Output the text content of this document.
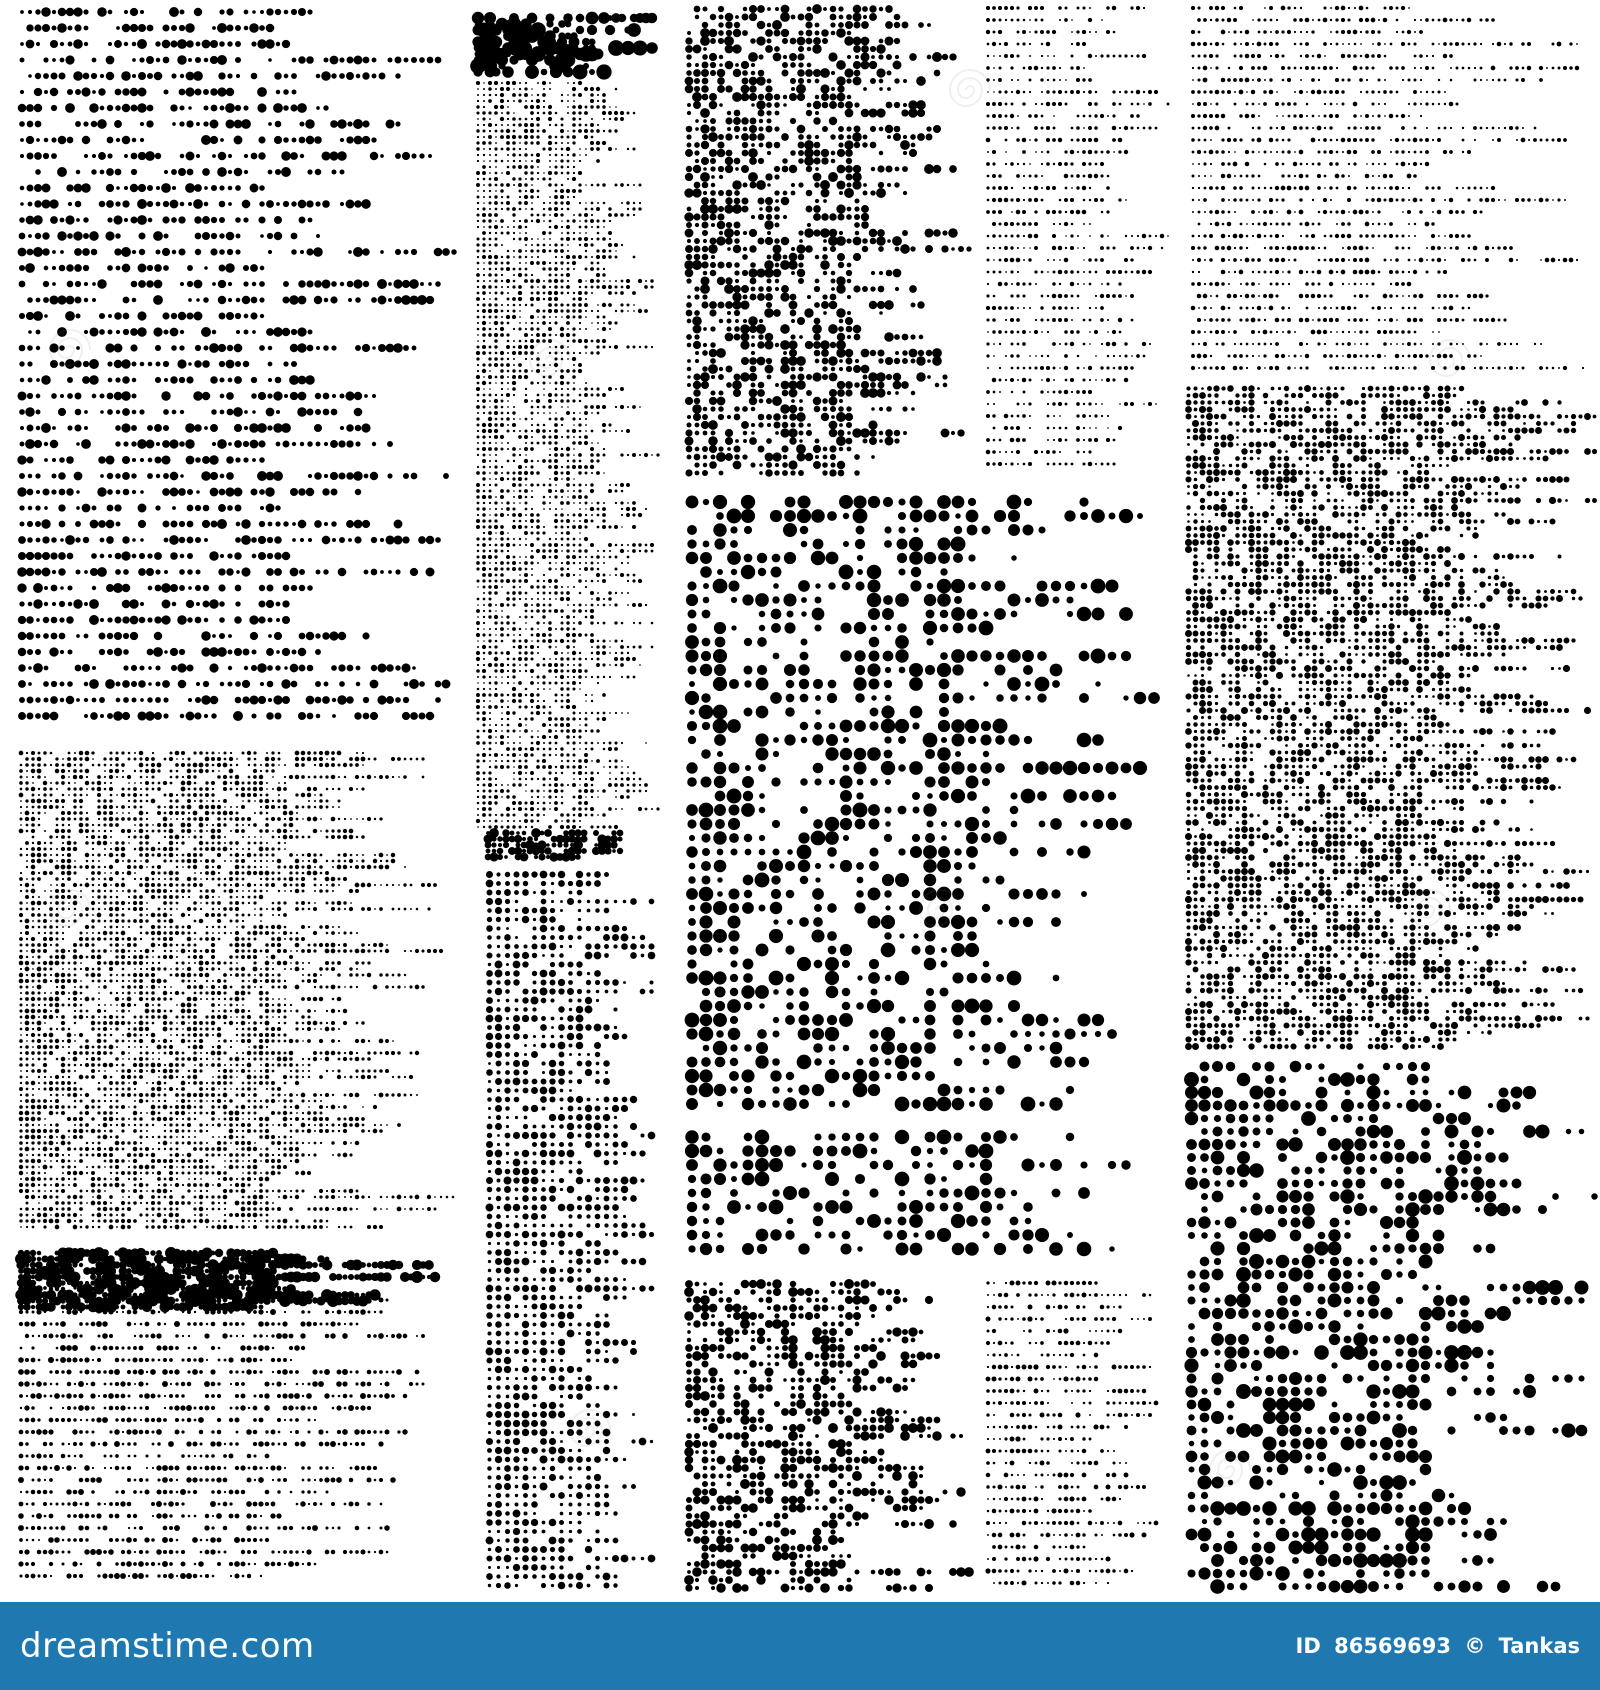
dreamstime.com	ID 86569693 © Tankas
